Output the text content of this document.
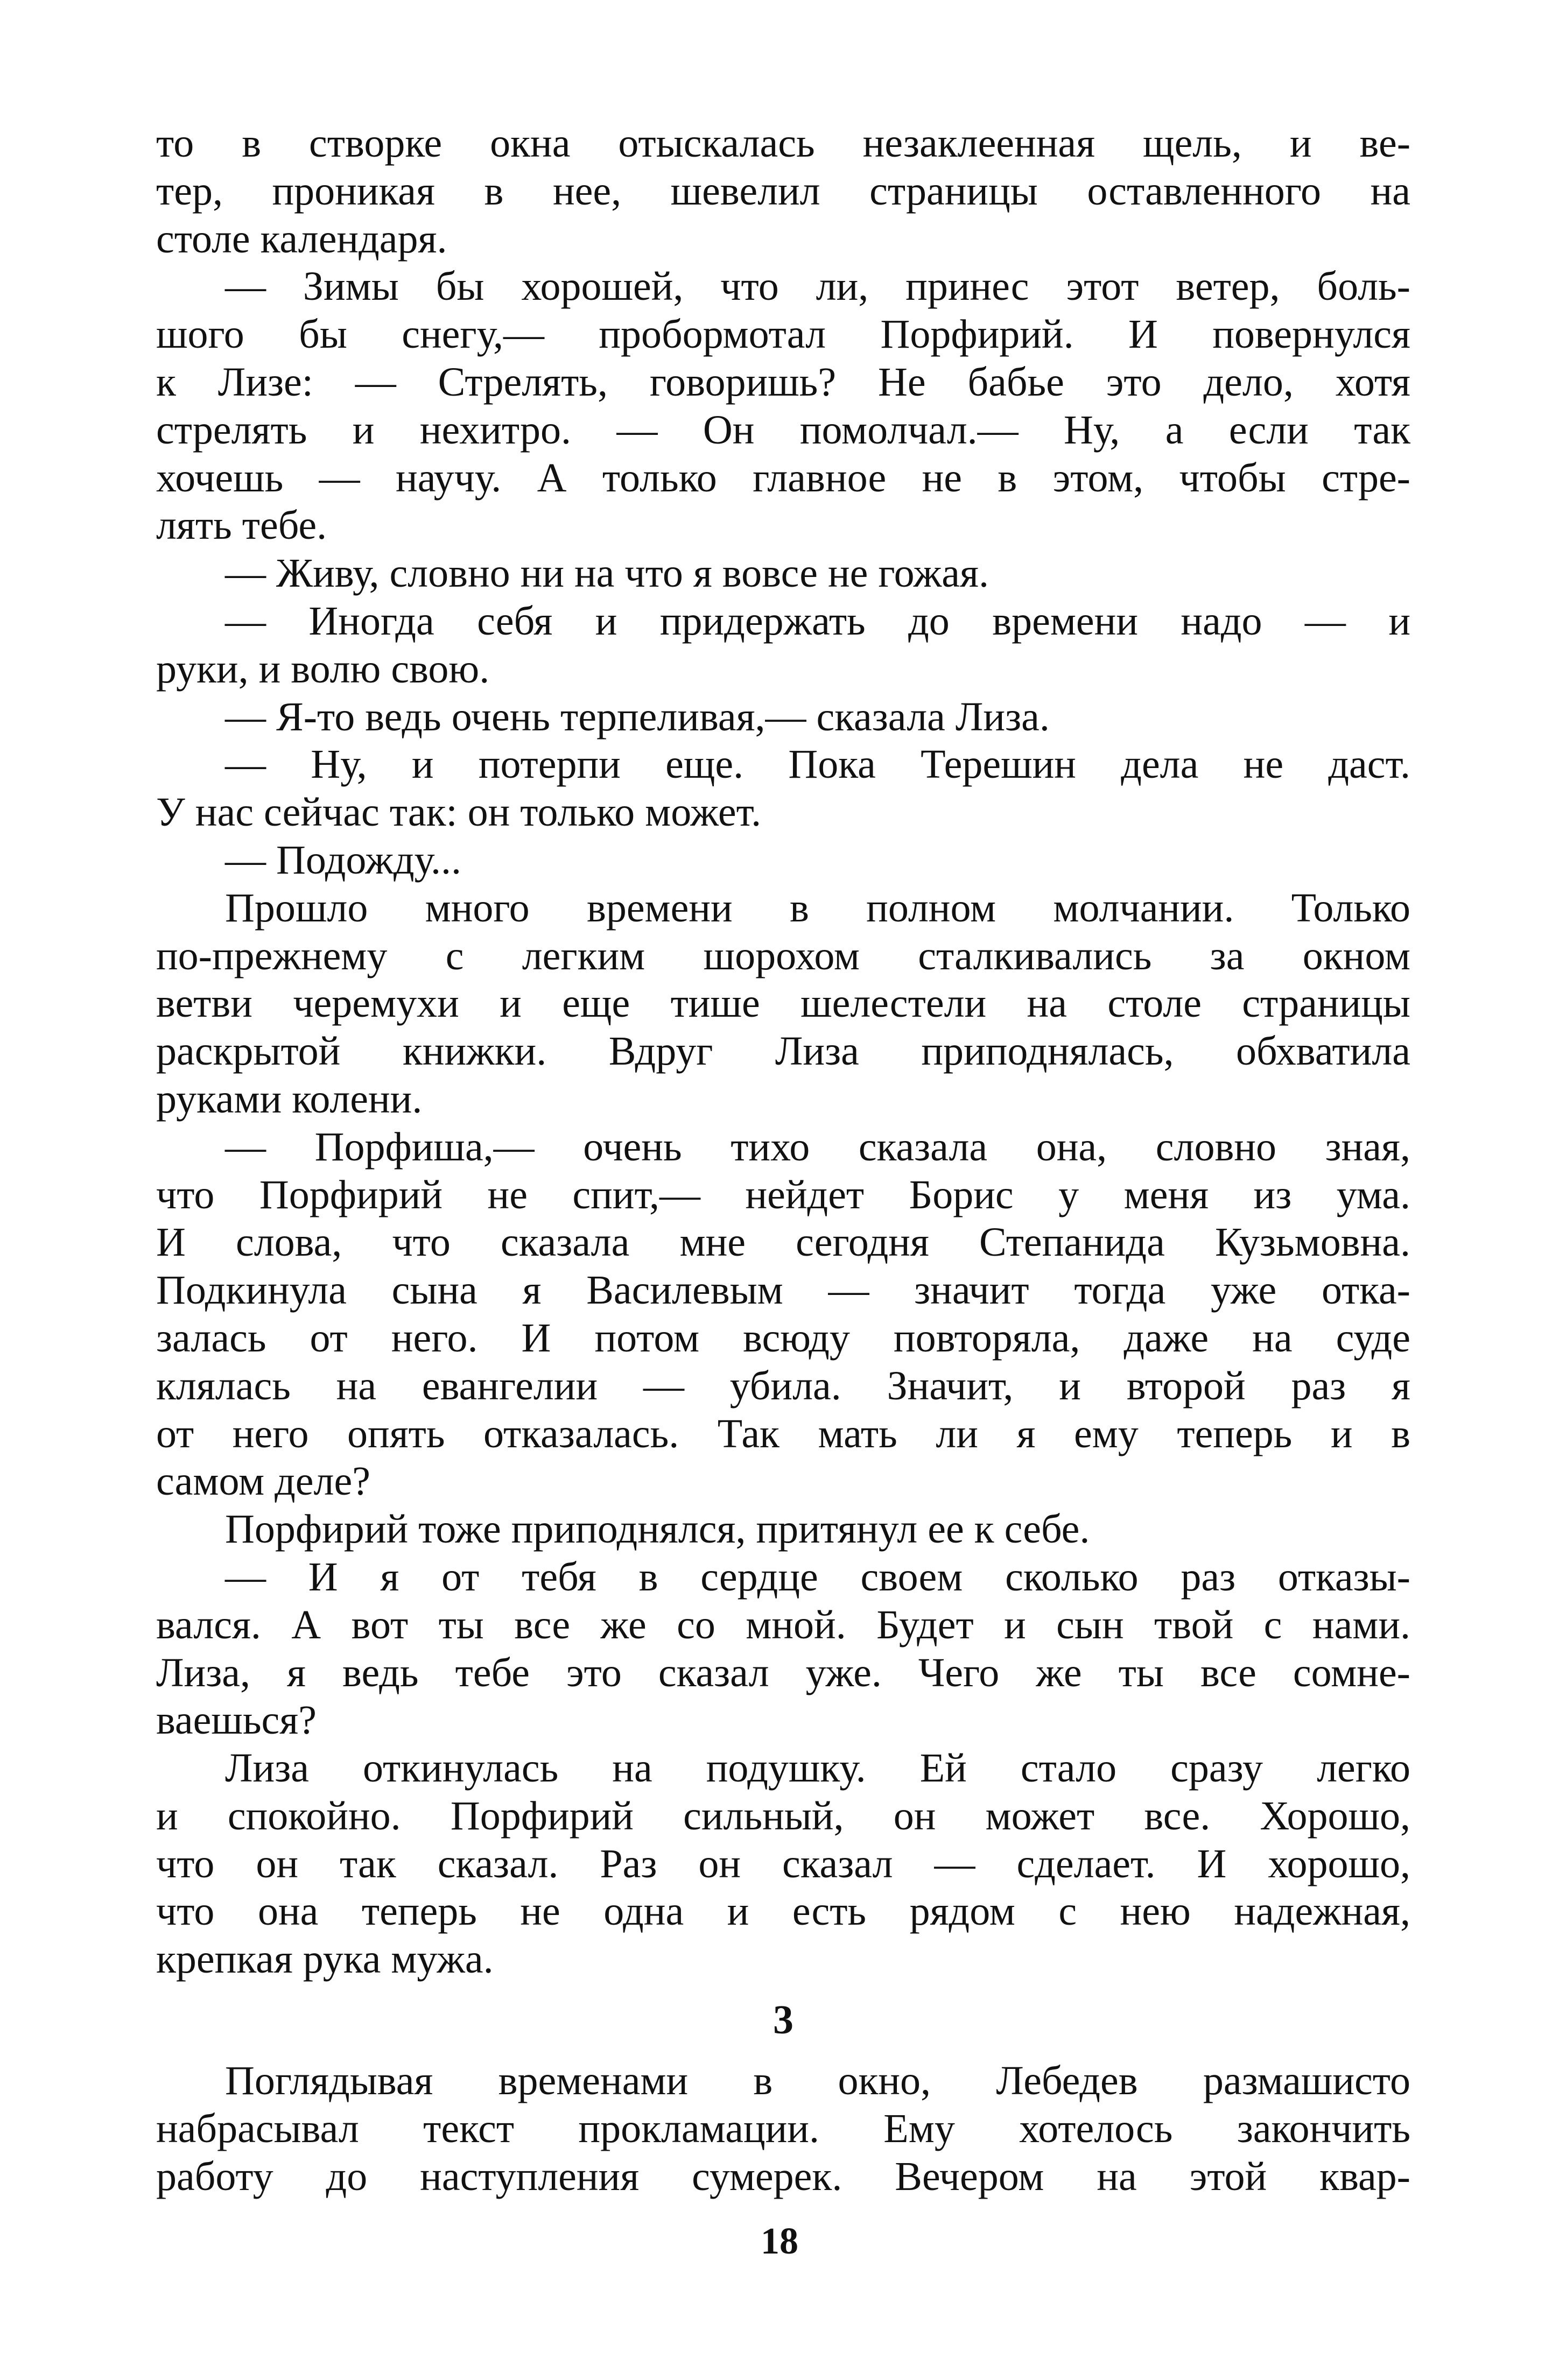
то в створке окна отыскалась незаклеенная щель, и ве-
тер, проникая в нее, шевелил страницы оставленного на
столе календаря.
— Зимы бы хорошей, что ли, принес этот ветер, боль-
шого бы снегу,— пробормотал Порфирий. И повернулся
к Лизе: — Стрелять, говоришь? Не бабье это дело, хотя
стрелять и нехитро. — Он помолчал.— Ну, а если так
хочешь — научу. А только главное не в этом, чтобы стре-
лять тебе.
— Живу, словно ни на что я вовсе не гожая.
— Иногда себя и придержать до времени надо — и
руки, и волю свою.
— Я-то ведь очень терпеливая,— сказала Лиза.
— Ну, и потерпи еще. Пока Терешин дела не даст.
У нас сейчас так: он только может.
— Подожду...
Прошло много времени в полном молчании. Только
по-прежнему с легким шорохом сталкивались за окном
ветви черемухи и еще тише шелестели на столе страницы
раскрытой книжки. Вдруг Лиза приподнялась, обхватила
руками колени.
— Порфиша,— очень тихо сказала она, словно зная,
что Порфирий не спит,— нейдет Борис у меня из ума.
И слова, что сказала мне сегодня Степанида Кузьмовна.
Подкинула сына я Василевым — значит тогда уже отка-
залась от него. И потом всюду повторяла, даже на суде
клялась на евангелии — убила. Значит, и второй раз я
от него опять отказалась. Так мать ли я ему теперь и в
самом деле?
Порфирий тоже приподнялся, притянул ее к себе.
— И я от тебя в сердце своем сколько раз отказы-
вался. А вот ты все же со мной. Будет и сын твой с нами.
Лиза, я ведь тебе это сказал уже. Чего же ты все сомне-
ваешься?
Лиза откинулась на подушку. Ей стало сразу легко
и спокойно. Порфирий сильный, он может все. Хорошо,
что он так сказал. Раз он сказал — сделает. И хорошо,
что она теперь не одна и есть рядом с нею надежная,
крепкая рука мужа.
3
Поглядывая временами в окно, Лебедев размашисто
набрасывал текст прокламации. Ему хотелось закончить
работу до наступления сумерек. Вечером на этой квар-
18
